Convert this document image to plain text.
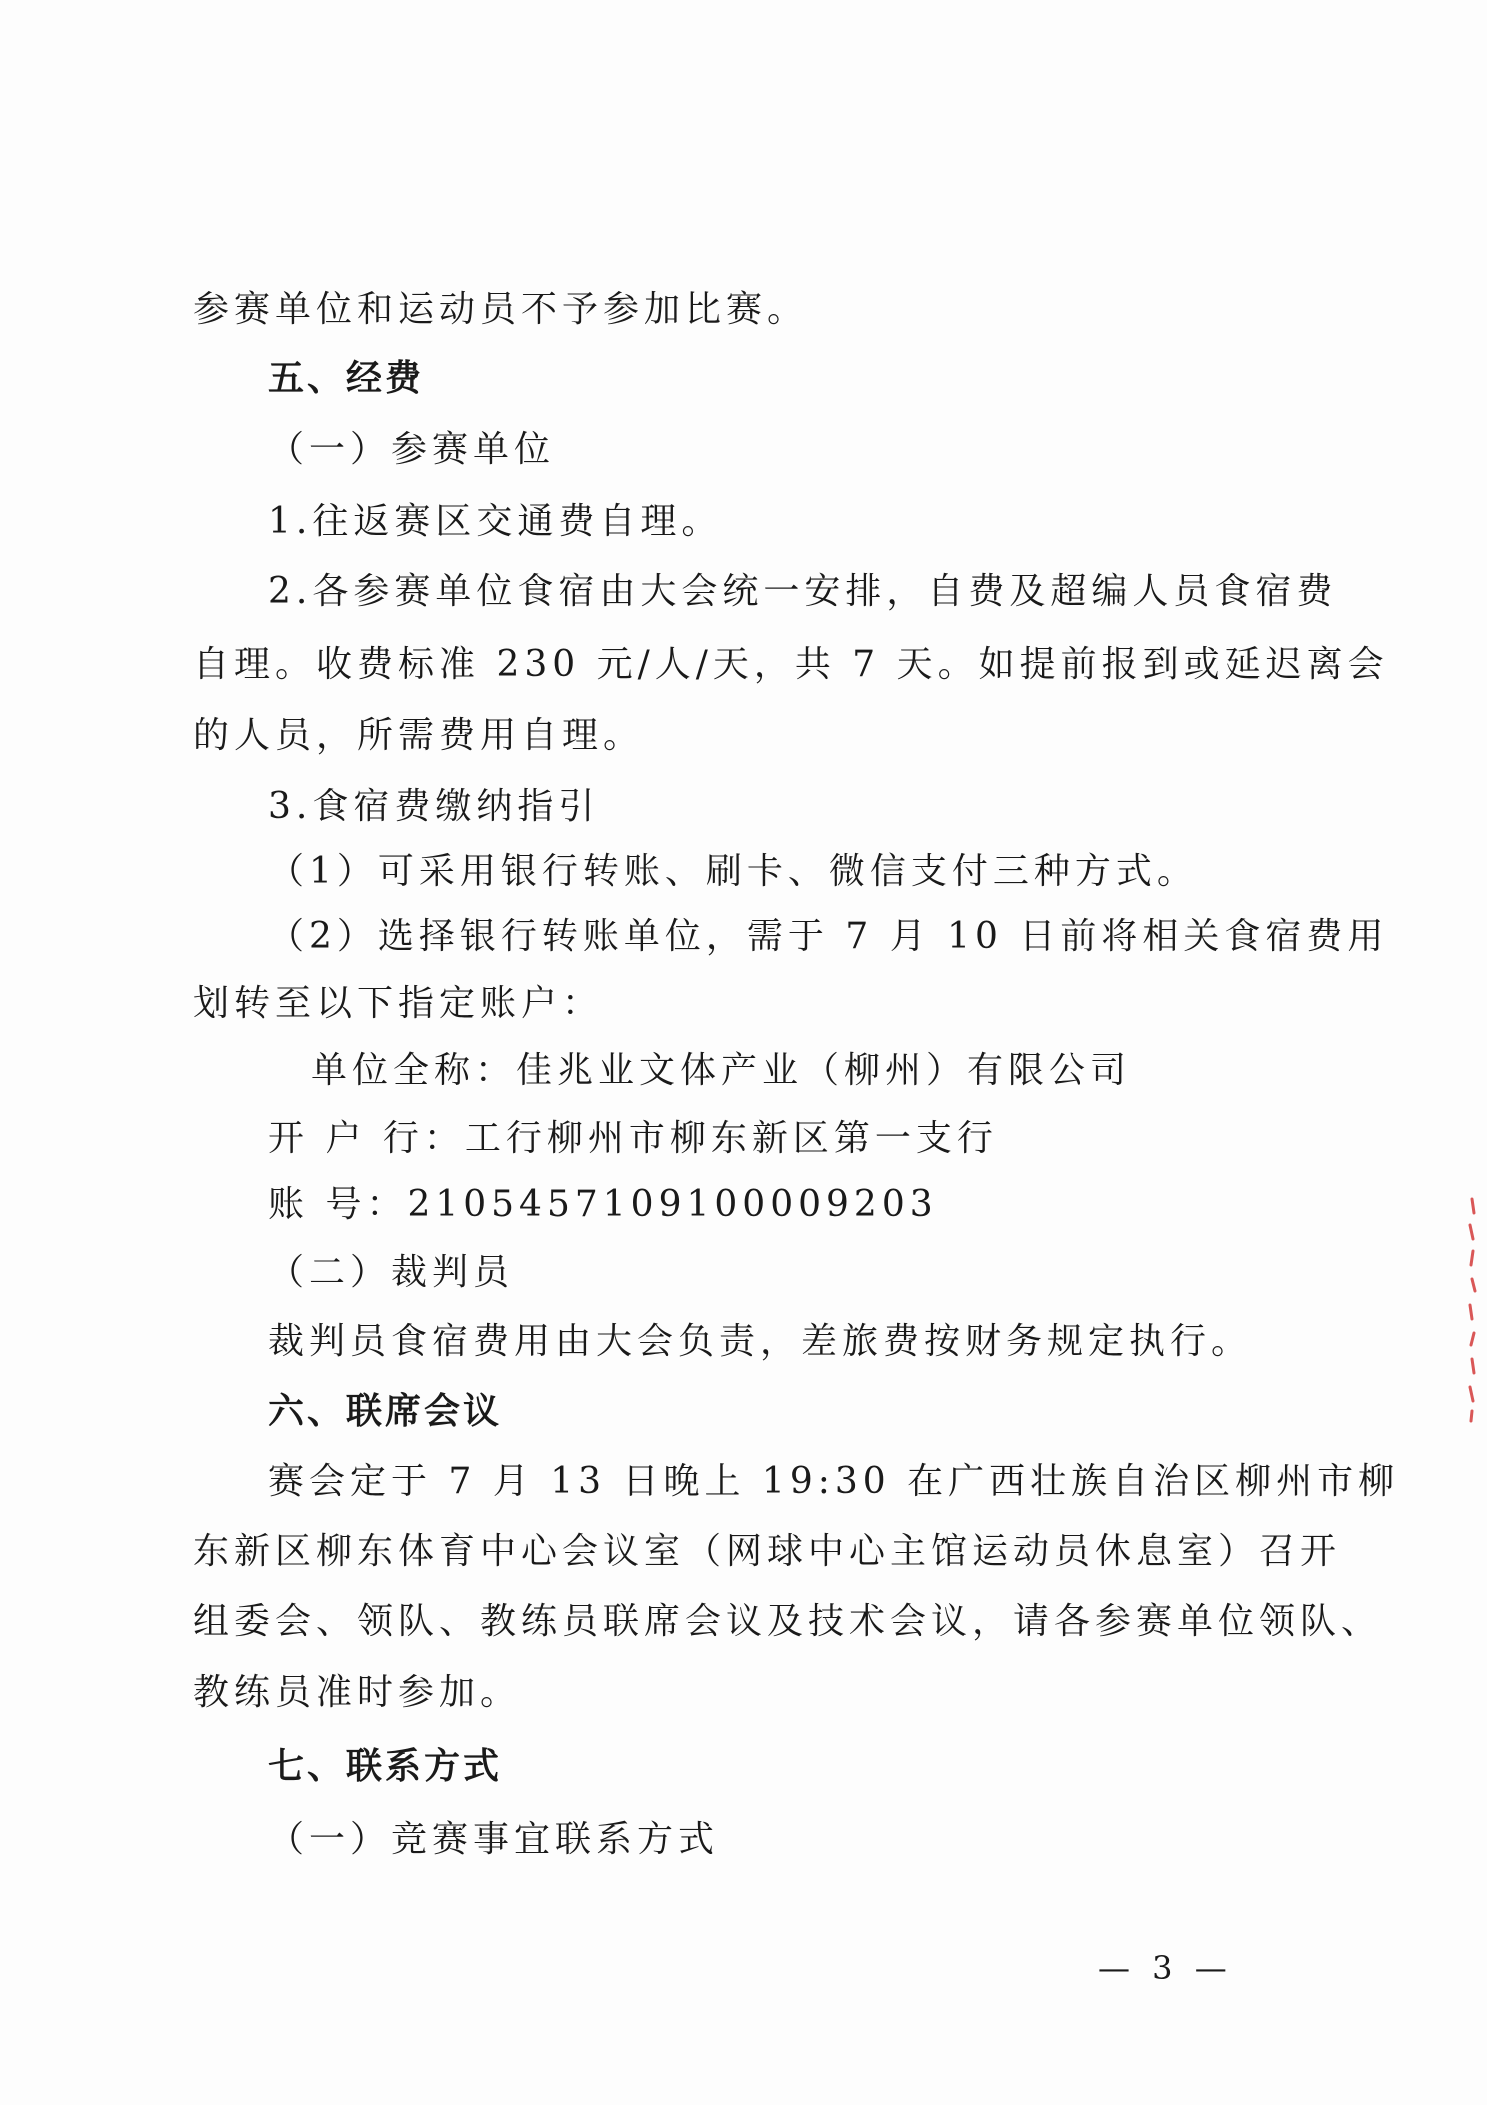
参赛单位和运动员不予参加比赛。
五、经费
（一）参赛单位
1.往返赛区交通费自理。
2.各参赛单位食宿由大会统一安排，自费及超编人员食宿费
自理。收费标准 230 元/人/天，共 7 天。如提前报到或延迟离会
的人员，所需费用自理。
3.食宿费缴纳指引
（1）可采用银行转账、刷卡、微信支付三种方式。
（2）选择银行转账单位，需于 7 月 10 日前将相关食宿费用
划转至以下指定账户：
单位全称：佳兆业文体产业（柳州）有限公司
开 户 行：工行柳州市柳东新区第一支行
账 号：2105457109100009203
（二）裁判员
裁判员食宿费用由大会负责，差旅费按财务规定执行。
六、联席会议
赛会定于 7 月 13 日晚上 19:30 在广西壮族自治区柳州市柳
东新区柳东体育中心会议室（网球中心主馆运动员休息室）召开
组委会、领队、教练员联席会议及技术会议，请各参赛单位领队、
教练员准时参加。
七、联系方式
（一）竞赛事宜联系方式
— 3 —
